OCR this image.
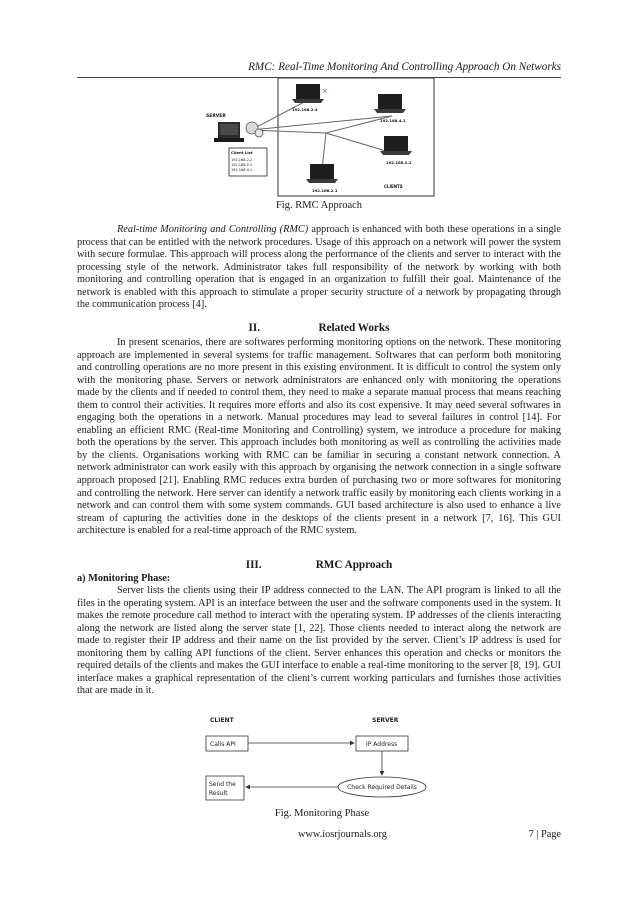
RMC: Real-Time Monitoring And Controlling Approach On Networks
SERVER
Client List
192.168.2.2
192.168.2.1
192.168.4.1
×
192.168.2.4
192.168.4.1
192.168.2.2
192.168.2.1
CLIENTS
Fig. RMC Approach

Real-time Monitoring and Controlling (RMC) approach is enhanced with both these operations in a single process that can be entitled with the network procedures. Usage of this approach on a network will power the system with secure formulae. This approach will process along the performance of the clients and server to interact with the processing style of the network. Administrator takes full responsibility of the network by working with both monitoring and controlling operation that is engaged in an organization to fulfill their goal. Maintenance of the network is enabled with this approach to stimulate a proper security structure of a network by propagating through the communication process [4].

II.	Related Works

In present scenarios, there are softwares performing monitoring options on the network. These monitoring approach are implemented in several systems for traffic management. Softwares that can perform both monitoring and controlling operations are no more present in this existing environment. It is difficult to control the system only with the monitoring phase. Servers or network administrators are enhanced only with monitoring the operations made by the clients and if needed to control them, they need to make a separate manual process that means reaching them to control their activities. It requires more efforts and also its cost expensive. It may need several softwares in engaging both the operations in a network. Manual procedures may lead to several failures in control [14]. For enabling an efficient RMC (Real-time Monitoring and Controlling) system, we introduce a procedure for making both the operations by the server. This approach includes both monitoring as well as controlling the activities made by the clients. Organisations working with RMC can be familiar in securing a constant network connection. A network administrator can work easily with this approach by organising the network connection in a single software approach proposed [21]. Enabling RMC reduces extra burden of purchasing two or more softwares for monitoring and controlling the network. Here server can identify a network traffic easily by monitoring each clients working in a network and can control them with some system commands. GUI based architecture is also used to enhance a live stream of capturing the activities done in the desktops of the clients present in a network [7, 16]. This GUI architecture is enabled for a real-time approach of the RMC system.

III.	RMC Approach
a) Monitoring Phase:

Server lists the clients using their IP address connected to the LAN. The API program is linked to all the files in the operating system. API is an interface between the user and the software components used in the system. It makes the remote procedure call method to interact with the operating system. IP addresses of the clients interacting along the network are listed along the server state [1, 22]. Those clients needed to interact along the network are made to register their IP address and their name on the list provided by the server. Client’s IP address is used for monitoring them by calling API functions of the client. Server enhances this operation and checks or monitors the required details of the clients and makes the GUI interface to enable a real-time monitoring to the server [8, 19]. GUI interface makes a graphical representation of the client’s current working particulars and furnishes those activities that are made in it.

CLIENT	SERVER
Calls API	IP Address
Send the
Result
Check Required Details
Fig. Monitoring Phase
www.iosrjournals.org	7 | Page
